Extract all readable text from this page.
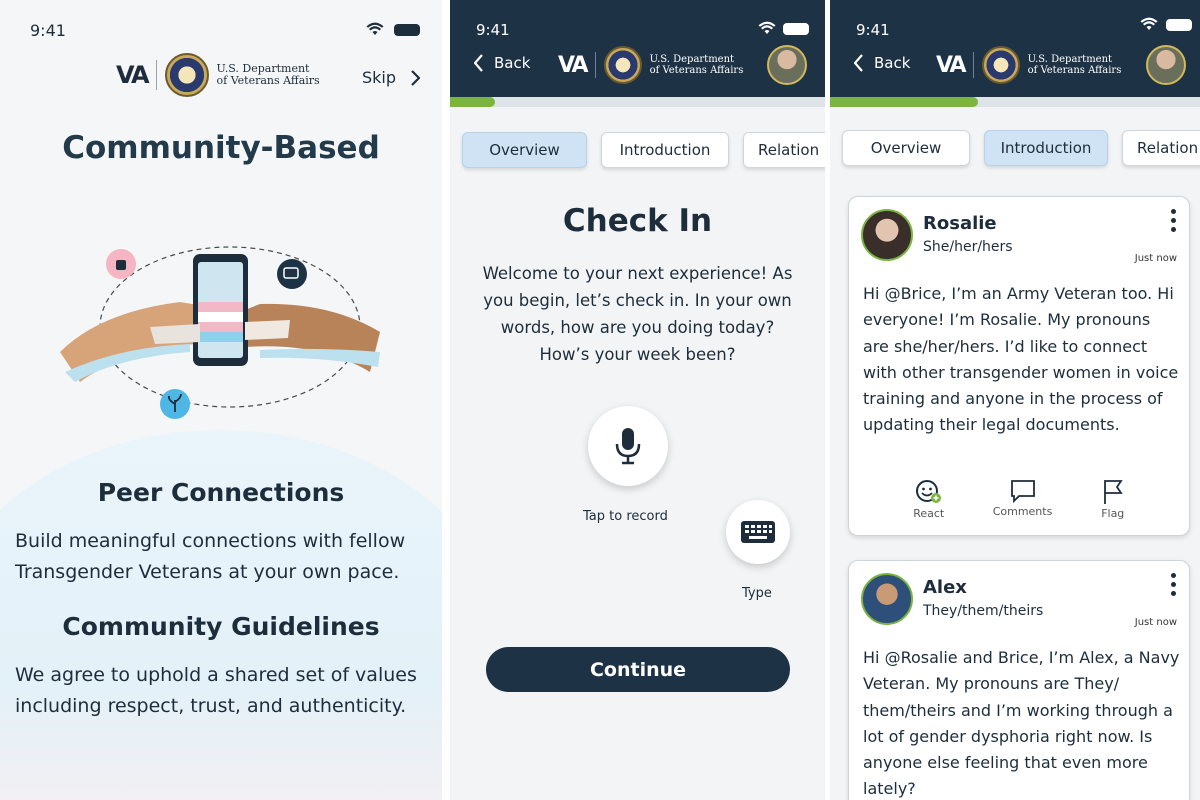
9:41
VA	U.S. Department
of Veterans Affairs	Skip
Community-Based
Peer Connections
Build meaningful connections with fellow Transgender Veterans at your own pace.
Community Guidelines
We agree to uphold a shared set of values including respect, trust, and authenticity.
9:41
Back VA	U.S. Department
of Veterans Affairs
Overview	Introduction	Relation
Check In
Welcome to your next experience! As you begin, let’s check in. In your own words, how are you doing today? How’s your week been?
Tap to record
Type
Continue
9:41
Back VA	U.S. Department
of Veterans Affairs
Overview	Introduction	Relation
Rosalie
She/her/hers
Just now
Hi @Brice, I’m an Army Veteran too. Hi everyone! I’m Rosalie. My pronouns are she/her/hers. I’d like to connect with other transgender women in voice training and anyone in the process of updating their legal documents.
React	Comments	Flag
Alex
They/them/theirs
Just now
Hi @Rosalie and Brice, I’m Alex, a Navy Veteran. My pronouns are They/ them/theirs and I’m working through a lot of gender dysphoria right now. Is anyone else feeling that even more lately?
